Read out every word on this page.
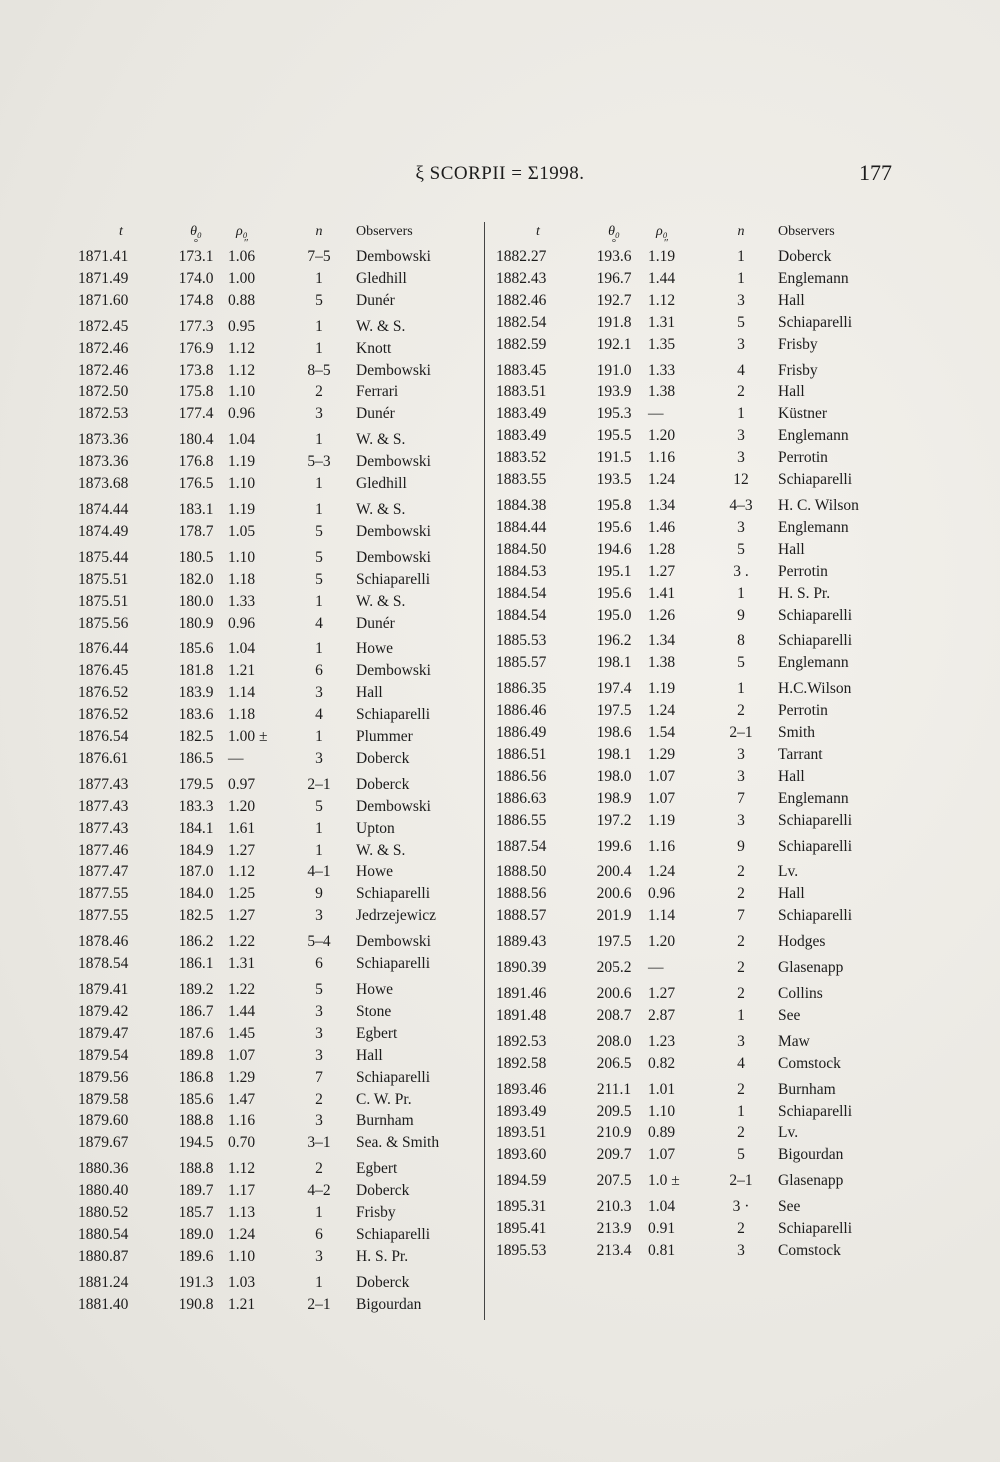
ξ SCORPII = Σ1998.	177
t	θ₀	ρ₀	n	Observers
	°	″		
1871.41	173.1	1.06	7–5	Dembowski
1871.49	174.0	1.00	1	Gledhill
1871.60	174.8	0.88	5	Dunér

1872.45	177.3	0.95	1	W. & S.
1872.46	176.9	1.12	1	Knott
1872.46	173.8	1.12	8–5	Dembowski
1872.50	175.8	1.10	2	Ferrari
1872.53	177.4	0.96	3	Dunér

1873.36	180.4	1.04	1	W. & S.
1873.36	176.8	1.19	5–3	Dembowski
1873.68	176.5	1.10	1	Gledhill

1874.44	183.1	1.19	1	W. & S.
1874.49	178.7	1.05	5	Dembowski

1875.44	180.5	1.10	5	Dembowski
1875.51	182.0	1.18	5	Schiaparelli
1875.51	180.0	1.33	1	W. & S.
1875.56	180.9	0.96	4	Dunér

1876.44	185.6	1.04	1	Howe
1876.45	181.8	1.21	6	Dembowski
1876.52	183.9	1.14	3	Hall
1876.52	183.6	1.18	4	Schiaparelli
1876.54	182.5	1.00 ±	1	Plummer
1876.61	186.5	—	3	Doberck

1877.43	179.5	0.97	2–1	Doberck
1877.43	183.3	1.20	5	Dembowski
1877.43	184.1	1.61	1	Upton
1877.46	184.9	1.27	1	W. & S.
1877.47	187.0	1.12	4–1	Howe
1877.55	184.0	1.25	9	Schiaparelli
1877.55	182.5	1.27	3	Jedrzejewicz

1878.46	186.2	1.22	5–4	Dembowski
1878.54	186.1	1.31	6	Schiaparelli

1879.41	189.2	1.22	5	Howe
1879.42	186.7	1.44	3	Stone
1879.47	187.6	1.45	3	Egbert
1879.54	189.8	1.07	3	Hall
1879.56	186.8	1.29	7	Schiaparelli
1879.58	185.6	1.47	2	C. W. Pr.
1879.60	188.8	1.16	3	Burnham
1879.67	194.5	0.70	3–1	Sea. & Smith

1880.36	188.8	1.12	2	Egbert
1880.40	189.7	1.17	4–2	Doberck
1880.52	185.7	1.13	1	Frisby
1880.54	189.0	1.24	6	Schiaparelli
1880.87	189.6	1.10	3	H. S. Pr.

1881.24	191.3	1.03	1	Doberck
1881.40	190.8	1.21	2–1	Bigourdan
t	θ₀	ρ₀	n	Observers
	°	″		
1882.27	193.6	1.19	1	Doberck
1882.43	196.7	1.44	1	Englemann
1882.46	192.7	1.12	3	Hall
1882.54	191.8	1.31	5	Schiaparelli
1882.59	192.1	1.35	3	Frisby

1883.45	191.0	1.33	4	Frisby
1883.51	193.9	1.38	2	Hall
1883.49	195.3	—	1	Küstner
1883.49	195.5	1.20	3	Englemann
1883.52	191.5	1.16	3	Perrotin
1883.55	193.5	1.24	12	Schiaparelli

1884.38	195.8	1.34	4–3	H. C. Wilson
1884.44	195.6	1.46	3	Englemann
1884.50	194.6	1.28	5	Hall
1884.53	195.1	1.27	3 .	Perrotin
1884.54	195.6	1.41	1	H. S. Pr.
1884.54	195.0	1.26	9	Schiaparelli

1885.53	196.2	1.34	8	Schiaparelli
1885.57	198.1	1.38	5	Englemann

1886.35	197.4	1.19	1	H.C.Wilson
1886.46	197.5	1.24	2	Perrotin
1886.49	198.6	1.54	2–1	Smith
1886.51	198.1	1.29	3	Tarrant
1886.56	198.0	1.07	3	Hall
1886.63	198.9	1.07	7	Englemann
1886.55	197.2	1.19	3	Schiaparelli

1887.54	199.6	1.16	9	Schiaparelli

1888.50	200.4	1.24	2	Lv.
1888.56	200.6	0.96	2	Hall
1888.57	201.9	1.14	7	Schiaparelli

1889.43	197.5	1.20	2	Hodges

1890.39	205.2	—	2	Glasenapp

1891.46	200.6	1.27	2	Collins
1891.48	208.7	2.87	1	See

1892.53	208.0	1.23	3	Maw
1892.58	206.5	0.82	4	Comstock

1893.46	211.1	1.01	2	Burnham
1893.49	209.5	1.10	1	Schiaparelli
1893.51	210.9	0.89	2	Lv.
1893.60	209.7	1.07	5	Bigourdan

1894.59	207.5	1.0 ±	2–1	Glasenapp

1895.31	210.3	1.04	3 ·	See
1895.41	213.9	0.91	2	Schiaparelli
1895.53	213.4	0.81	3	Comstock
